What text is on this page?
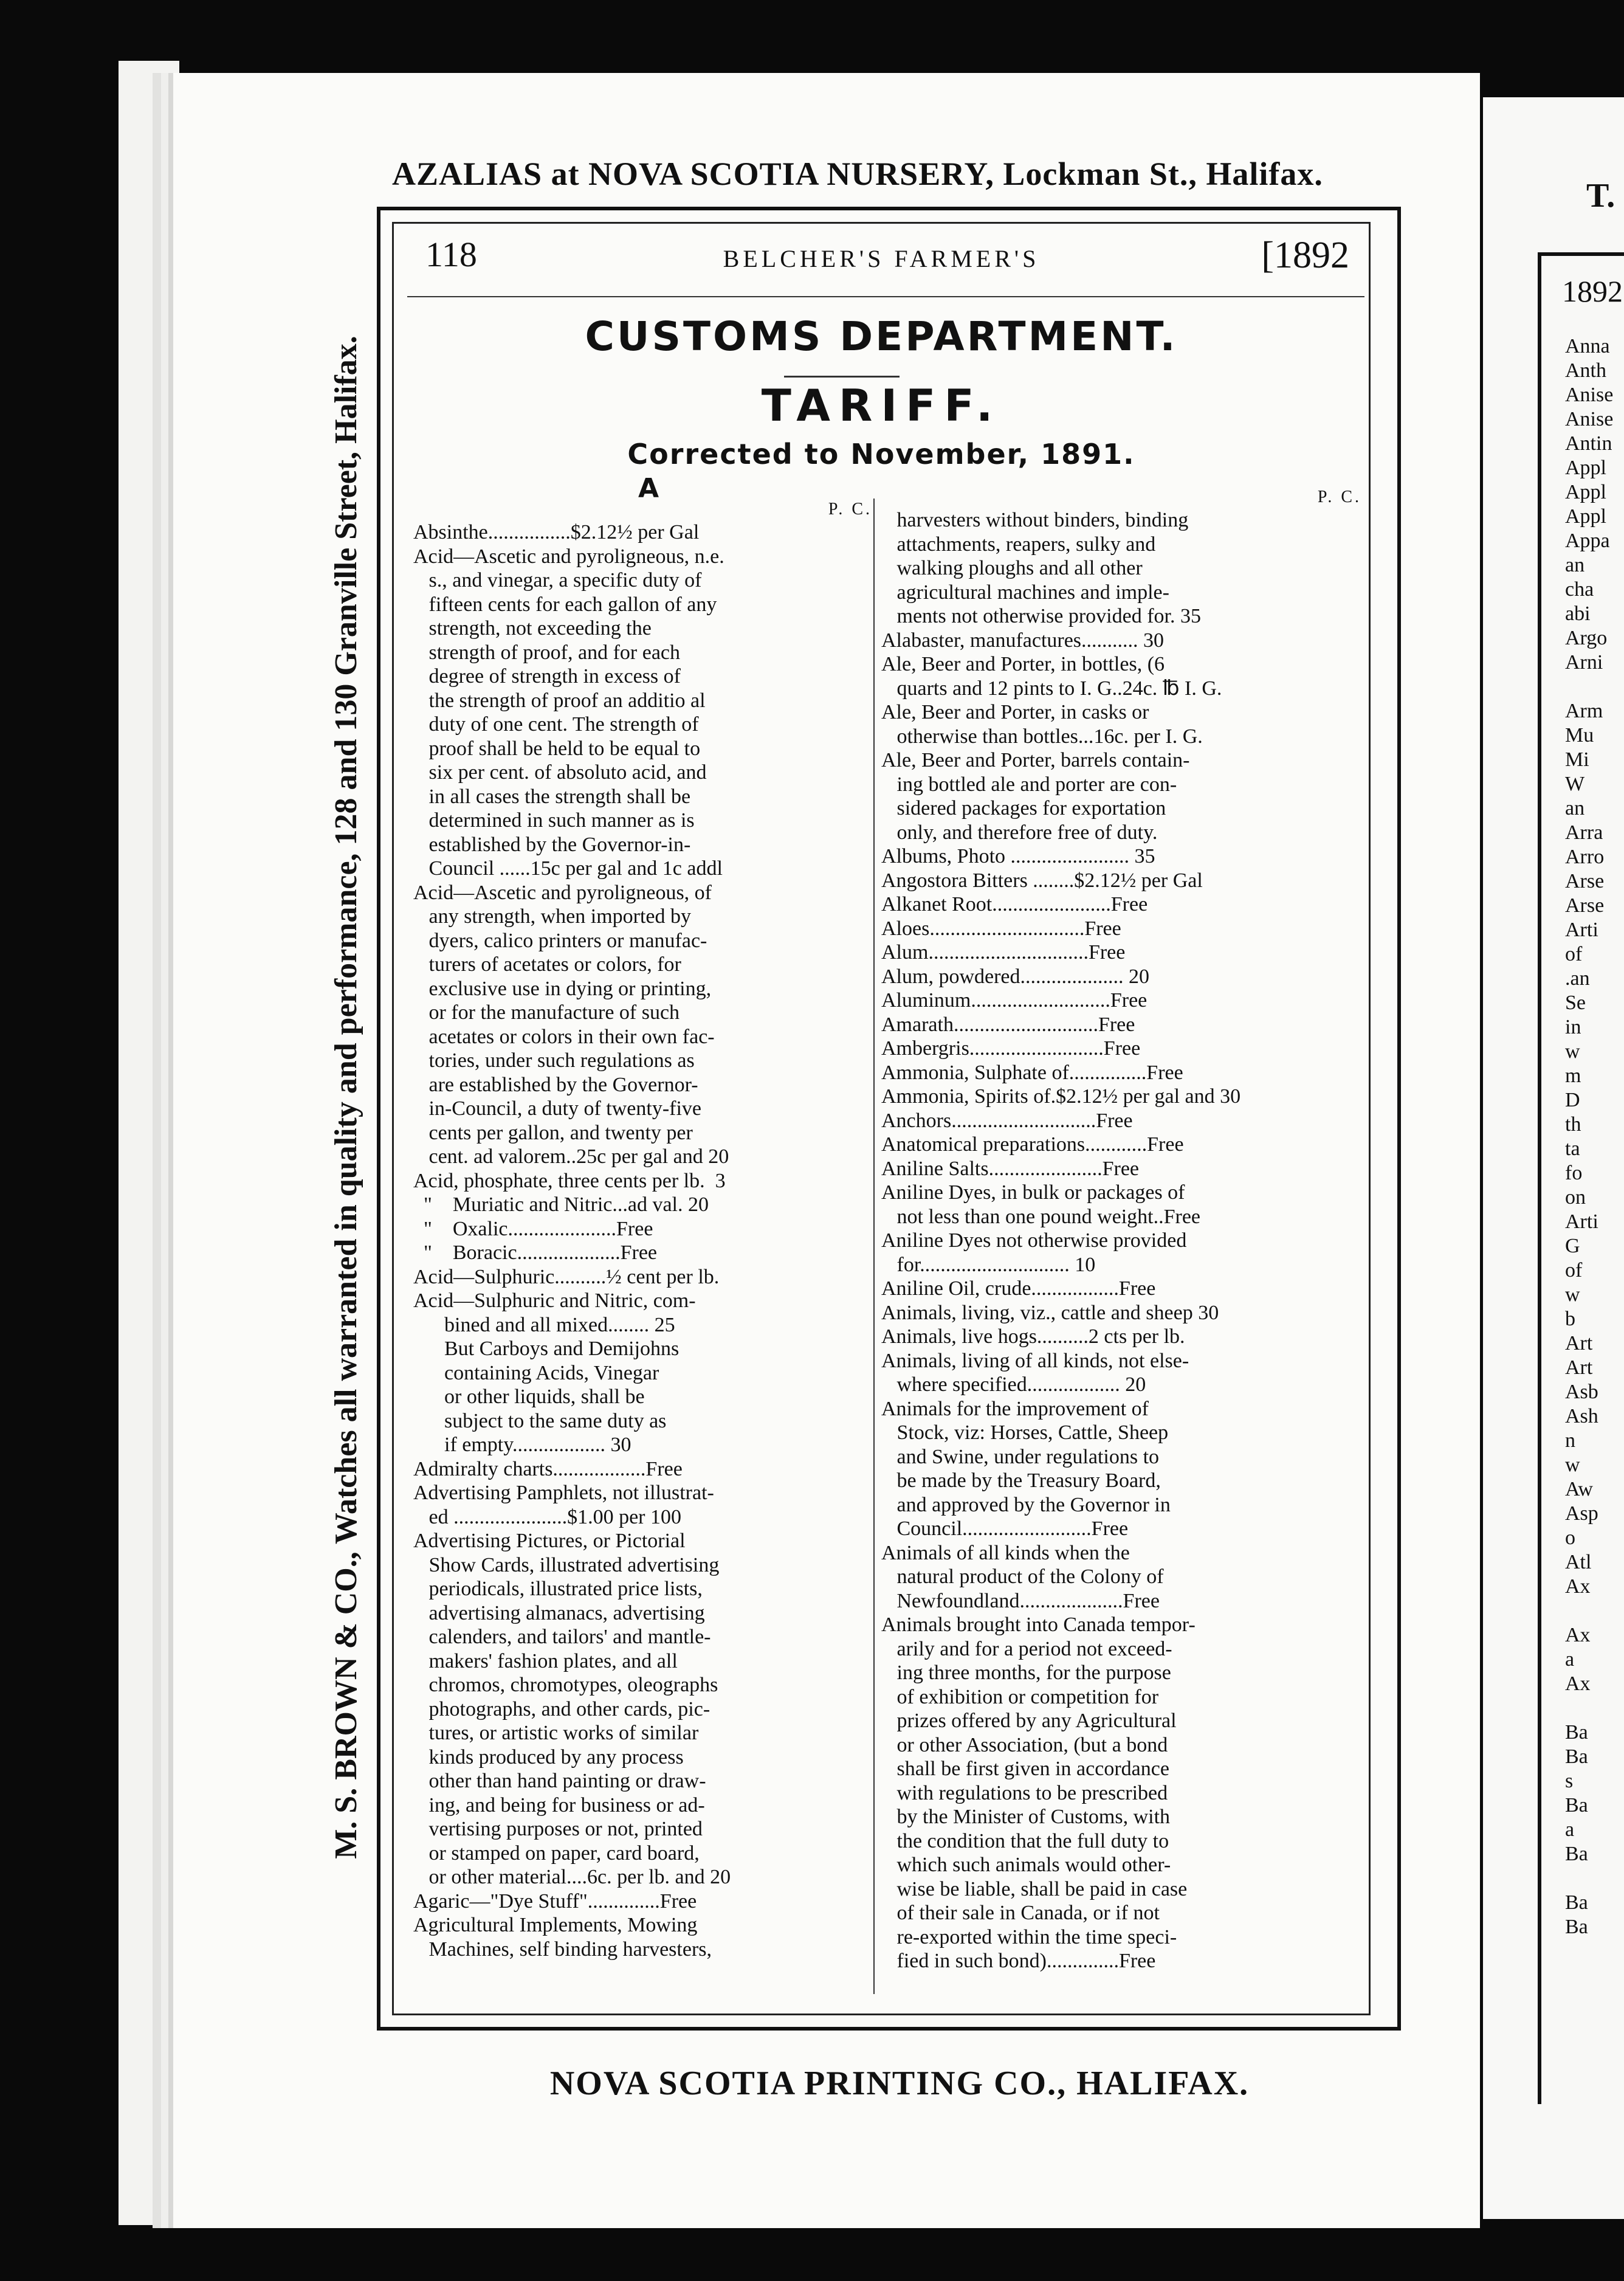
T.
1892
Anna
Anth
Anise
Anise
Antin
Appl
Appl
Appl
Appa
an
cha
abi
Argo
Arni
Arm
Mu
Mi
W
an
Arra
Arro
Arse
Arse
Arti
of
.an
Se
in
w
m
D
th
ta
fo
on
Arti
G
of
w
b
Art
Art
Asb
Ash
n
w
Aw
Asp
o
Atl
Ax
Ax
a
Ax
Ba
Ba
s
Ba
a
Ba
Ba
Ba
AZALIAS at NOVA SCOTIA NURSERY, Lockman St., Halifax.
M. S. BROWN & CO., Watches all warranted in quality and performance, 128 and 130 Granville Street, Halifax.
118	BELCHER'S FARMER'S	[1892
CUSTOMS DEPARTMENT.
TARIFF.
Corrected to November, 1891.
A
P. C.
Absinthe................$2.12½ per Gal
Acid—Ascetic and pyroligneous, n.e.
s., and vinegar, a specific duty of
fifteen cents for each gallon of any
strength, not exceeding the
strength of proof, and for each
degree of strength in excess of
the strength of proof an additio al
duty of one cent. The strength of
proof shall be held to be equal to
six per cent. of absoluto acid, and
in all cases the strength shall be
determined in such manner as is
established by the Governor-in-
Council ......15c per gal and 1c addl
Acid—Ascetic and pyroligneous, of
any strength, when imported by
dyers, calico printers or manufac-
turers of acetates or colors, for
exclusive use in dying or printing,
or for the manufacture of such
acetates or colors in their own fac-
tories, under such regulations as
are established by the Governor-
in-Council, a duty of twenty-five
cents per gallon, and twenty per
cent. ad valorem..25c per gal and 20
Acid, phosphate, three cents per lb.  3
"    Muriatic and Nitric...ad val. 20
"    Oxalic.....................Free
"    Boracic....................Free
Acid—Sulphuric..........½ cent per lb.
Acid—Sulphuric and Nitric, com-
bined and all mixed........ 25
But Carboys and Demijohns
containing Acids, Vinegar
or other liquids, shall be
subject to the same duty as
if empty.................. 30
Admiralty charts..................Free
Advertising Pamphlets, not illustrat-
ed ......................$1.00 per 100
Advertising Pictures, or Pictorial
Show Cards, illustrated advertising
periodicals, illustrated price lists,
advertising almanacs, advertising
calenders, and tailors' and mantle-
makers' fashion plates, and all
chromos, chromotypes, oleographs
photographs, and other cards, pic-
tures, or artistic works of similar
kinds produced by any process
other than hand painting or draw-
ing, and being for business or ad-
vertising purposes or not, printed
or stamped on paper, card board,
or other material....6c. per lb. and 20
Agaric—"Dye Stuff"..............Free
Agricultural Implements, Mowing
Machines, self binding harvesters,
P. C.
harvesters without binders, binding
attachments, reapers, sulky and
walking ploughs and all other
agricultural machines and imple-
ments not otherwise provided for. 35
Alabaster, manufactures........... 30
Ale, Beer and Porter, in bottles, (6
quarts and 12 pints to I. G..24c. ℔ I. G.
Ale, Beer and Porter, in casks or
otherwise than bottles...16c. per I. G.
Ale, Beer and Porter, barrels contain-
ing bottled ale and porter are con-
sidered packages for exportation
only, and therefore free of duty.
Albums, Photo ....................... 35
Angostora Bitters ........$2.12½ per Gal
Alkanet Root.......................Free
Aloes..............................Free
Alum...............................Free
Alum, powdered.................... 20
Aluminum...........................Free
Amarath............................Free
Ambergris..........................Free
Ammonia, Sulphate of...............Free
Ammonia, Spirits of.$2.12½ per gal and 30
Anchors............................Free
Anatomical preparations............Free
Aniline Salts......................Free
Aniline Dyes, in bulk or packages of
not less than one pound weight..Free
Aniline Dyes not otherwise provided
for............................. 10
Aniline Oil, crude.................Free
Animals, living, viz., cattle and sheep 30
Animals, live hogs..........2 cts per lb.
Animals, living of all kinds, not else-
where specified.................. 20
Animals for the improvement of
Stock, viz: Horses, Cattle, Sheep
and Swine, under regulations to
be made by the Treasury Board,
and approved by the Governor in
Council.........................Free
Animals of all kinds when the
natural product of the Colony of
Newfoundland....................Free
Animals brought into Canada tempor-
arily and for a period not exceed-
ing three months, for the purpose
of exhibition or competition for
prizes offered by any Agricultural
or other Association, (but a bond
shall be first given in accordance
with regulations to be prescribed
by the Minister of Customs, with
the condition that the full duty to
which such animals would other-
wise be liable, shall be paid in case
of their sale in Canada, or if not
re-exported within the time speci-
fied in such bond)..............Free
NOVA SCOTIA PRINTING CO., HALIFAX.
